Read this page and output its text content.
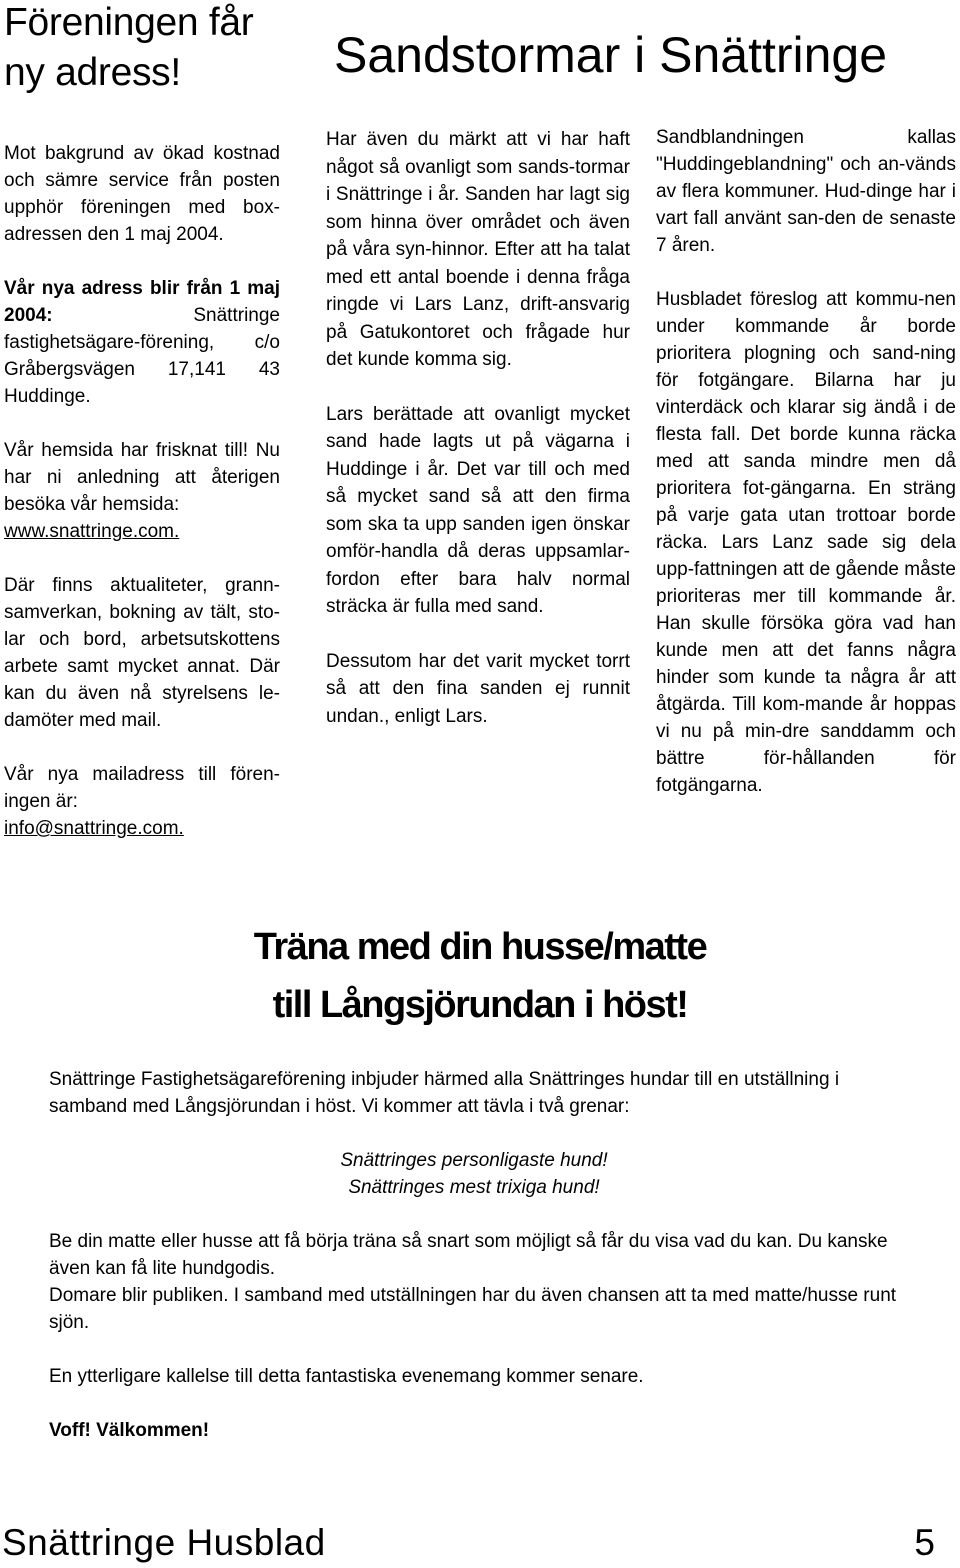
Föreningen får
ny adress!	Sandstormar i Snättringe

Mot bakgrund av ökad kostnad och sämre service från posten upphör föreningen med box-adressen den 1 maj 2004.

Vår nya adress blir från 1 maj 2004:	Snättringe fastighetsägare-förening, c/o Gråbergsvägen 17,141 43 Huddinge.

Vår hemsida har frisknat till! Nu har ni anledning att återigen besöka vår hemsida:

www.snattringe.com.

Där finns aktualiteter, grann-samverkan, bokning av tält, sto-lar och bord, arbetsutskottens arbete samt mycket annat. Där kan du även nå styrelsens le-damöter med mail.

Vår nya mailadress till fören-ingen är:

info@snattringe.com.

Har även du märkt att vi har haft något så ovanligt som sands-tormar i Snättringe i år. Sanden har lagt sig som hinna över området och även på våra syn-hinnor. Efter att ha talat med ett antal boende i denna fråga ringde vi Lars Lanz, drift-ansvarig på Gatukontoret och frågade hur det kunde komma sig.

Lars berättade att ovanligt mycket sand hade lagts ut på vägarna i Huddinge i år. Det var till och med så mycket sand så att den firma som ska ta upp sanden igen önskar omför-handla då deras uppsamlar-fordon efter bara halv normal sträcka är fulla med sand.

Dessutom har det varit mycket torrt så att den fina sanden ej runnit undan., enligt Lars.

Sandblandningen kallas "Huddingeblandning" och an-vänds av flera kommuner. Hud-dinge har i vart fall använt san-den de senaste 7 åren.

Husbladet föreslog att kommu-nen under kommande år borde prioritera plogning och sand-ning för fotgängare. Bilarna har ju vinterdäck och klarar sig ändå i de flesta fall. Det borde kunna räcka med att sanda mindre men då prioritera fot-gängarna. En sträng på varje gata utan trottoar borde räcka. Lars Lanz sade sig dela upp-fattningen att de gående måste prioriteras mer till kommande år. Han skulle försöka göra vad han kunde men att det fanns några hinder som kunde ta några år att åtgärda. Till kom-mande år hoppas vi nu på min-dre sanddamm och bättre för-hållanden för fotgängarna.

Träna med din husse/matte
till Långsjörundan i höst!

Snättringe Fastighetsägareförening inbjuder härmed alla Snättringes hundar till en utställning i samband med Långsjörundan i höst. Vi kommer att tävla i två grenar:

Snättringes personligaste hund!

Snättringes mest trixiga hund!

Be din matte eller husse att få börja träna så snart som möjligt så får du visa vad du kan. Du kanske även kan få lite hundgodis.

Domare blir publiken. I samband med utställningen har du även chansen att ta med matte/husse runt sjön.

En ytterligare kallelse till detta fantastiska evenemang kommer senare.

Voff! Välkommen!

Snättringe Husblad	5
